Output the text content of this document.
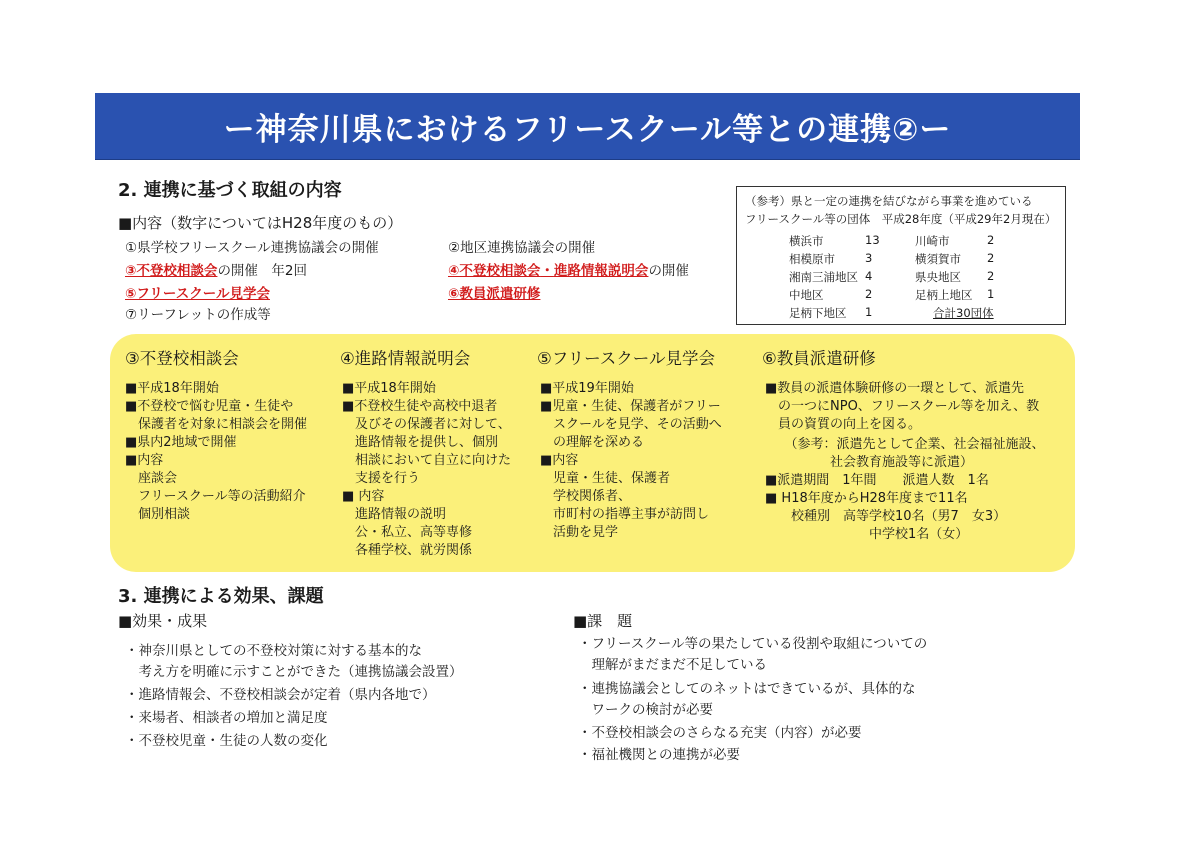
ー神奈川県におけるフリースクール等との連携②ー
2. 連携に基づく取組の内容
■内容（数字についてはH28年度のもの）
①県学校フリースクール連携協議会の開催	②地区連携協議会の開催
③不登校相談会の開催　年2回	④不登校相談会・進路情報説明会の開催
⑤フリースクール見学会	⑥教員派遣研修
⑦リーフレットの作成等
（参考）県と一定の連携を結びながら事業を進めている
フリースクール等の団体　平成28年度（平成29年2月現在）
横浜市	13	川崎市	2
相模原市	3	横須賀市 2
湘南三浦地区 4	県央地区 2
中地区	2	足柄上地区 1
足柄下地区 1	合計30団体
③不登校相談会
■平成18年開始
■不登校で悩む児童・生徒や
　保護者を対象に相談会を開催
■県内2地域で開催
■内容
　座談会
　フリースクール等の活動紹介
　個別相談
④進路情報説明会
■平成18年開始
■不登校生徒や高校中退者
　及びその保護者に対して、
　進路情報を提供し、個別
　相談において自立に向けた
　支援を行う
■ 内容
　進路情報の説明
　公・私立、高等専修
　各種学校、就労関係
⑤フリースクール見学会
■平成19年開始
■児童・生徒、保護者がフリー
　スクールを見学、その活動へ
　の理解を深める
■内容
　児童・生徒、保護者
　学校関係者、
　市町村の指導主事が訪問し
　活動を見学
⑥教員派遣研修
■教員の派遣体験研修の一環として、派遣先
　の一つにNPO、フリースクール等を加え、教
　員の資質の向上を図る。
　　（参考：派遣先として企業、社会福祉施設、
　　　　　社会教育施設等に派遣）
■派遣期間　1年間　　派遣人数　1名
■ H18年度からH28年度まで11名
　　校種別　高等学校10名（男7　女3）
　　　　　　　　中学校1名（女）
3. 連携による効果、課題
■効果・成果
・神奈川県としての不登校対策に対する基本的な
　考え方を明確に示すことができた（連携協議会設置）
・進路情報会、不登校相談会が定着（県内各地で）
・来場者、相談者の増加と満足度
・不登校児童・生徒の人数の変化
■課　題
・フリースクール等の果たしている役割や取組についての
　理解がまだまだ不足している
・連携協議会としてのネットはできているが、具体的な
　ワークの検討が必要
・不登校相談会のさらなる充実（内容）が必要
・福祉機関との連携が必要
